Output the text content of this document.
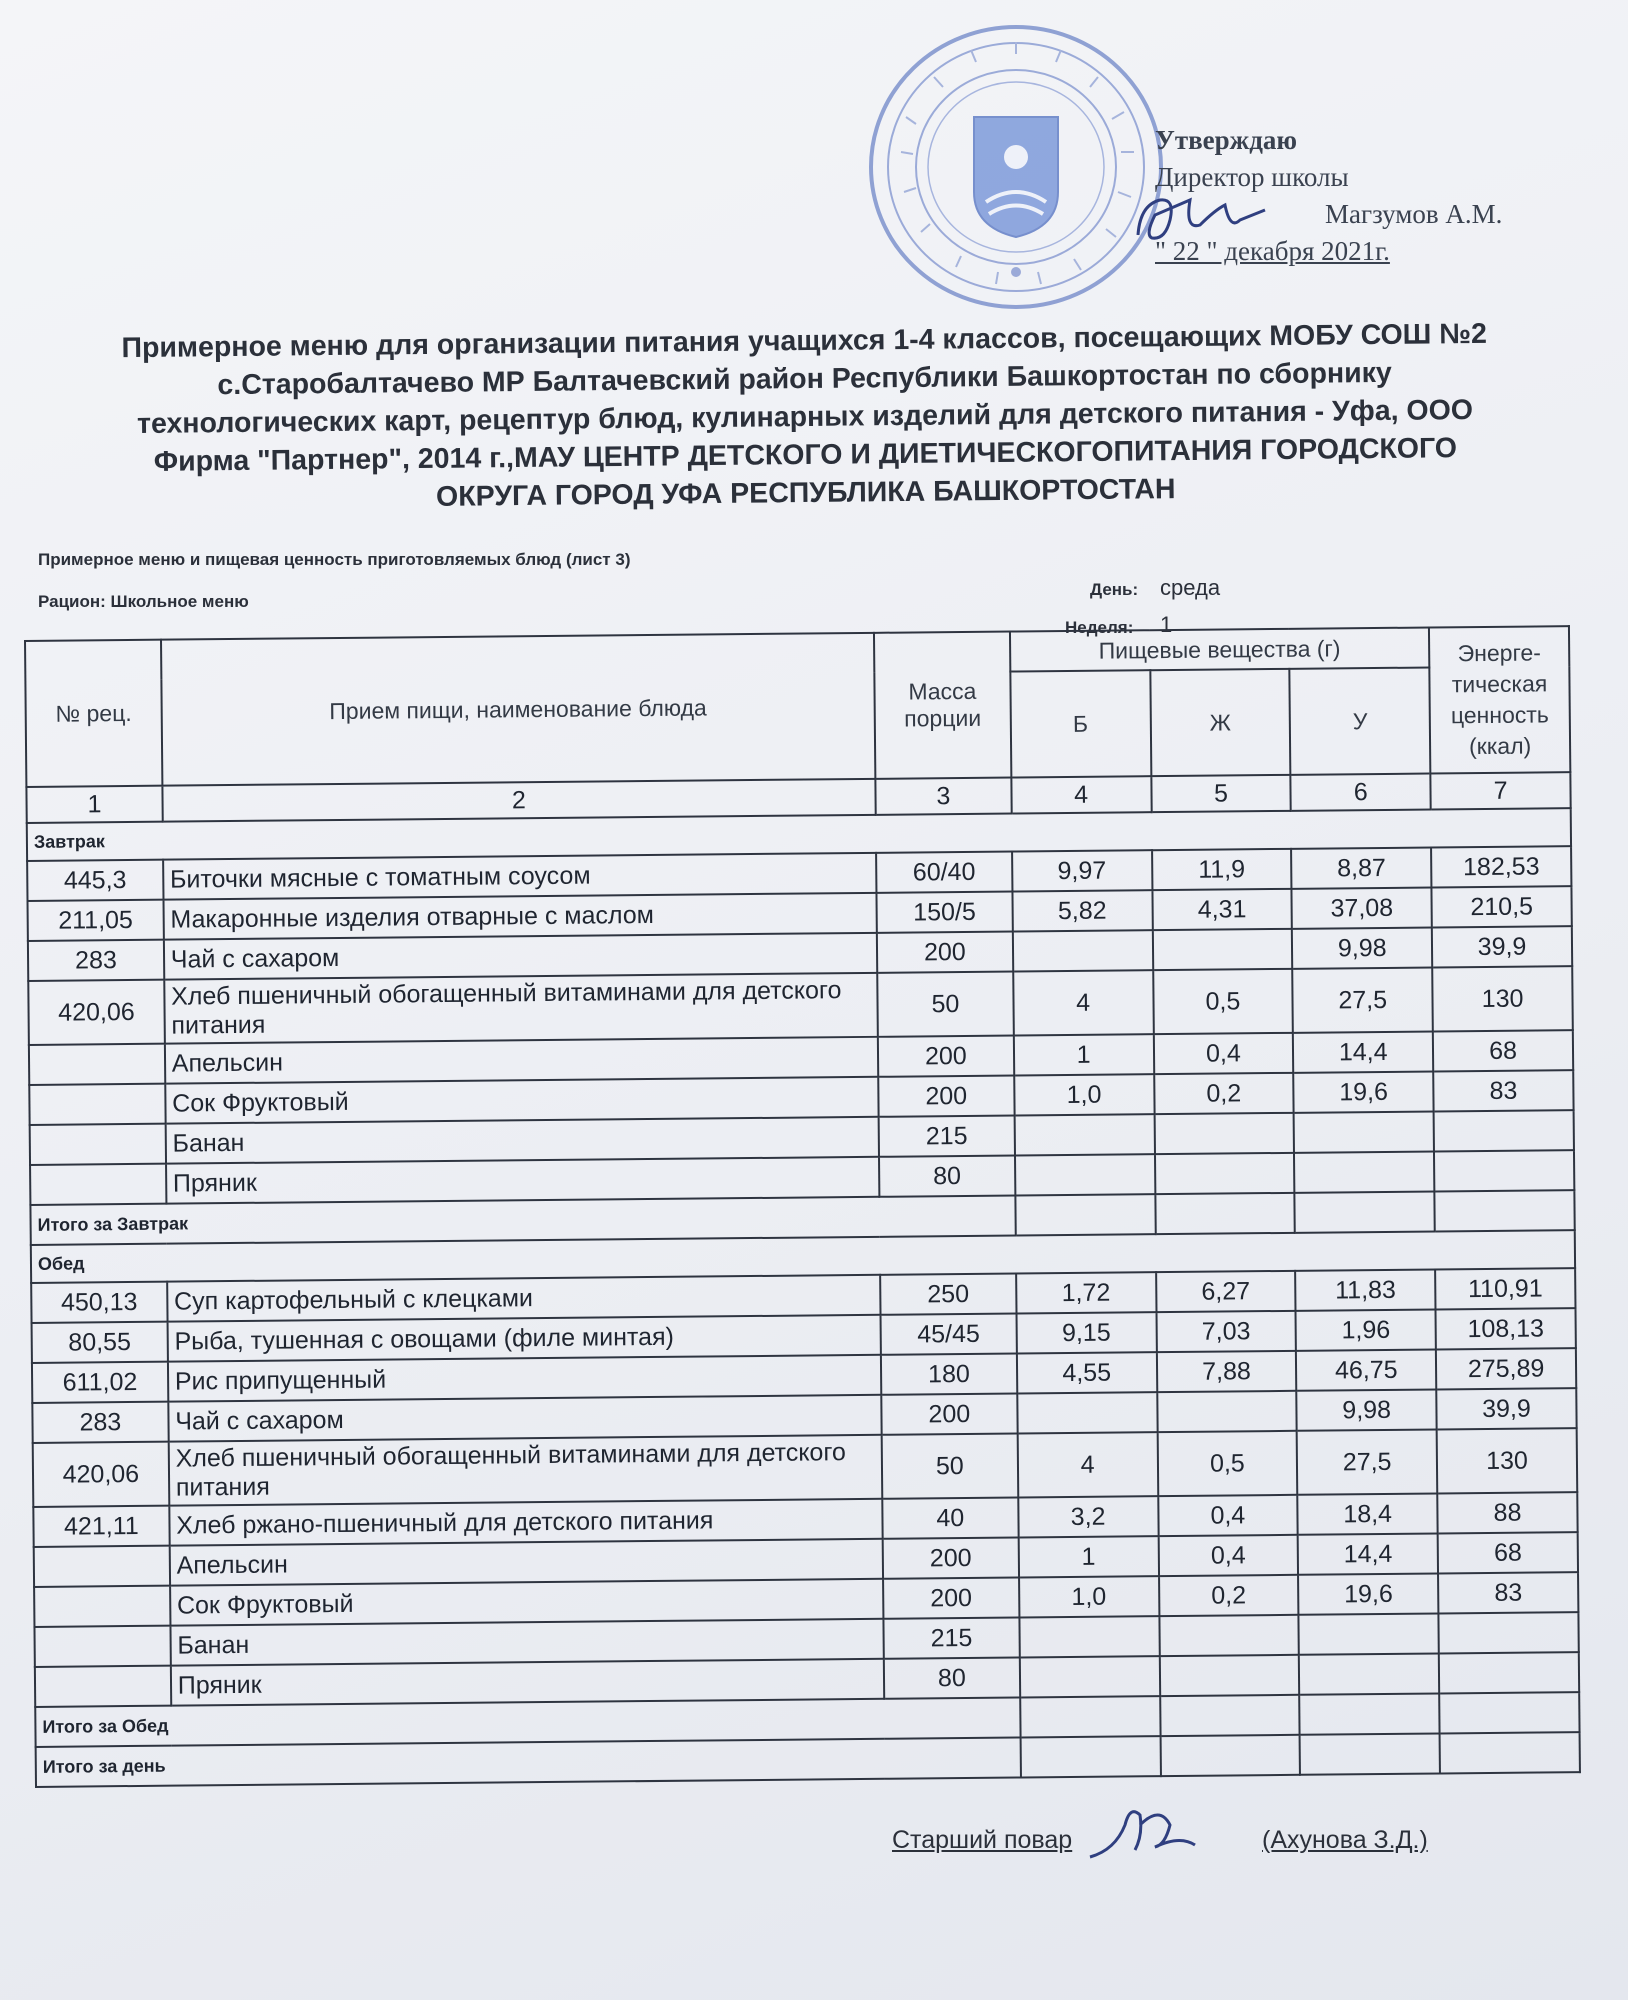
Утверждаю
Директор школы
Магзумов А.М.
" 22 " декабря 2021г.
Примерное меню для организации питания учащихся 1-4 классов, посещающих МОБУ СОШ №2
с.Старобалтачево МР Балтачевский район Республики Башкортостан по сборнику
технологических карт, рецептур блюд, кулинарных изделий для детского питания - Уфа, ООО
Фирма "Партнер", 2014 г.,МАУ ЦЕНТР ДЕТСКОГО И ДИЕТИЧЕСКОГОПИТАНИЯ ГОРОДСКОГО
ОКРУГА ГОРОД УФА РЕСПУБЛИКА БАШКОРТОСТАН
Примерное меню и пищевая ценность приготовляемых блюд (лист 3)
Рацион: Школьное меню
День: среда
Неделя: 1
№ рец.	Прием пищи, наименование блюда	Масса порции	Пищевые вещества (г)			Энерге-тическая ценность (ккал)
			Б	Ж	У	
1	2	3	4	5	6	7
Завтрак						
445,3	Биточки мясные с томатным соусом	60/40	9,97	11,9	8,87	182,53
211,05	Макаронные изделия отварные с маслом	150/5	5,82	4,31	37,08	210,5
283	Чай с сахаром	200			9,98	39,9
420,06	Хлеб пшеничный обогащенный витаминами для детского питания	50	4	0,5	27,5	130
	Апельсин	200	1	0,4	14,4	68
	Сок Фруктовый	200	1,0	0,2	19,6	83
	Банан	215				
	Пряник	80				
Итого за Завтрак						
Обед						
450,13	Суп картофельный с клецками	250	1,72	6,27	11,83	110,91
80,55	Рыба, тушенная с овощами (филе минтая)	45/45	9,15	7,03	1,96	108,13
611,02	Рис припущенный	180	4,55	7,88	46,75	275,89
283	Чай с сахаром	200			9,98	39,9
420,06	Хлеб пшеничный обогащенный витаминами для детского питания	50	4	0,5	27,5	130
421,11	Хлеб ржано-пшеничный для детского питания	40	3,2	0,4	18,4	88
	Апельсин	200	1	0,4	14,4	68
	Сок Фруктовый	200	1,0	0,2	19,6	83
	Банан	215				
	Пряник	80				
Итого за Обед						
Итого за день						
Старший повар	(Ахунова З.Д.)
